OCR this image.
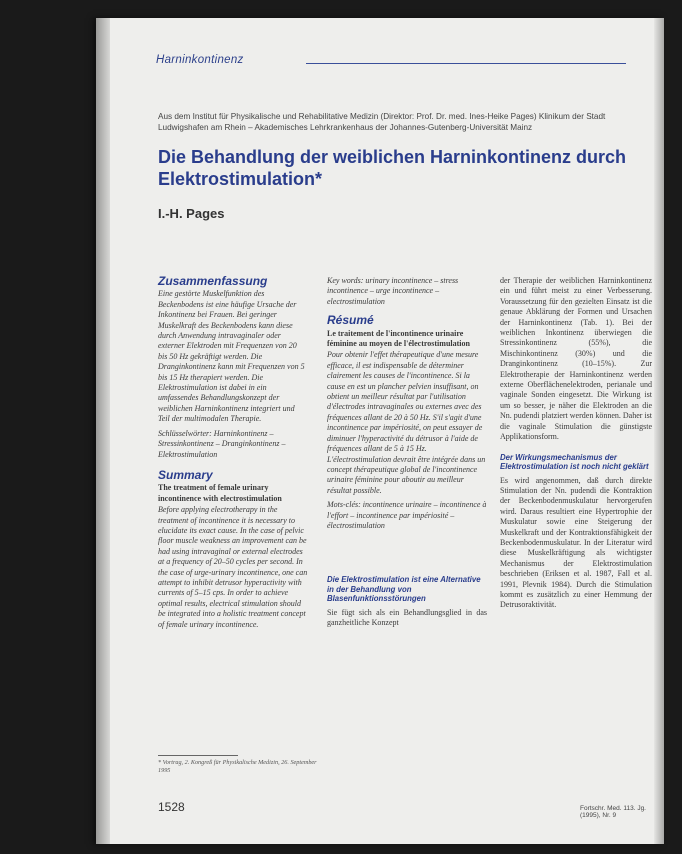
Harninkontinenz
Aus dem Institut für Physikalische und Rehabilitative Medizin (Direktor: Prof. Dr. med. Ines-Heike Pages) Klinikum der Stadt Ludwigshafen am Rhein – Akademisches Lehrkrankenhaus der Johannes-Gutenberg-Universität Mainz
Die Behandlung der weiblichen Harninkontinenz durch Elektrostimulation*
I.-H. Pages
Zusammenfassung
Eine gestörte Muskelfunktion des Beckenbodens ist eine häufige Ursache der Inkontinenz bei Frauen. Bei geringer Muskelkraft des Beckenbodens kann diese durch Anwendung intravaginaler oder externer Elektroden mit Frequenzen von 20 bis 50 Hz gekräftigt werden. Die Dranginkontinenz kann mit Frequenzen von 5 bis 15 Hz therapiert werden. Die Elektrostimulation ist dabei in ein umfassendes Behandlungskonzept der weiblichen Harninkontinenz integriert und Teil der multimodalen Therapie.
Schlüsselwörter: Harninkontinenz – Stressinkontinenz – Dranginkontinenz – Elektrostimulation
Summary
The treatment of female urinary incontinence with electrostimulation
Before applying electrotherapy in the treatment of incontinence it is necessary to elucidate its exact cause. In the case of pelvic floor muscle weakness an improvement can be had using intravaginal or external electrodes at a frequency of 20–50 cycles per second. In the case of urge-urinary incontinence, one can attempt to inhibit detrusor hyperactivity with currents of 5–15 cps. In order to achieve optimal results, electrical stimulation should be integrated into a holistic treatment concept of female urinary incontinence.
Key words: urinary incontinence – stress incontinence – urge incontinence – electrostimulation
Résumé
Le traitement de l'incontinence urinaire féminine au moyen de l'électrostimulation
Pour obtenir l'effet thérapeutique d'une mesure efficace, il est indispensable de déterminer clairement les causes de l'incontinence. Si la cause en est un plancher pelvien insuffisant, on obtient un meilleur résultat par l'utilisation d'électrodes intravaginales ou externes avec des fréquences allant de 20 à 50 Hz. S'il s'agit d'une incontinence par impériosité, on peut essayer de diminuer l'hyperactivité du détrusor à l'aide de fréquences allant de 5 à 15 Hz. L'électrostimulation devrait être intégrée dans un concept thérapeutique global de l'incontinence urinaire féminine pour aboutir au meilleur résultat possible.
Mots-clés: incontinence urinaire – incontinence à l'effort – incontinence par impériosité – électrostimulation
Die Elektrostimulation ist eine Alternative in der Behandlung von Blasenfunktionsstörungen
Sie fügt sich als ein Behandlungsglied in das ganzheitliche Konzept
der Therapie der weiblichen Harninkontinenz ein und führt meist zu einer Verbesserung. Voraussetzung für den gezielten Einsatz ist die genaue Abklärung der Formen und Ursachen der Harninkontinenz (Tab. 1). Bei der weiblichen Inkontinenz überwiegen die Stressinkontinenz (55%), die Mischinkontinenz (30%) und die Dranginkontinenz (10–15%). Zur Elektrotherapie der Harninkontinenz werden externe Oberflächenelektroden, perianale und vaginale Sonden eingesetzt. Die Wirkung ist um so besser, je näher die Elektroden an die Nn. pudendi platziert werden können. Daher ist die vaginale Stimulation die günstigste Applikationsform.
Der Wirkungsmechanismus der Elektrostimulation ist noch nicht geklärt
Es wird angenommen, daß durch direkte Stimulation der Nn. pudendi die Kontraktion der Beckenbodenmuskulatur hervorgerufen wird. Daraus resultiert eine Hypertrophie der Muskulatur sowie eine Steigerung der Muskelkraft und der Kontraktionsfähigkeit der Beckenbodenmuskulatur. In der Literatur wird diese Muskelkräftigung als wichtigster Mechanismus der Elektrostimulation beschrieben (Eriksen et al. 1987, Fall et al. 1991, Plevnik 1984). Durch die Stimulation kommt es zusätzlich zu einer Hemmung der Detrusoraktivität.
* Vortrag, 2. Kongreß für Physikalische Medizin, 26. September 1995
1528	Fortschr. Med. 113. Jg. (1995), Nr. 9
